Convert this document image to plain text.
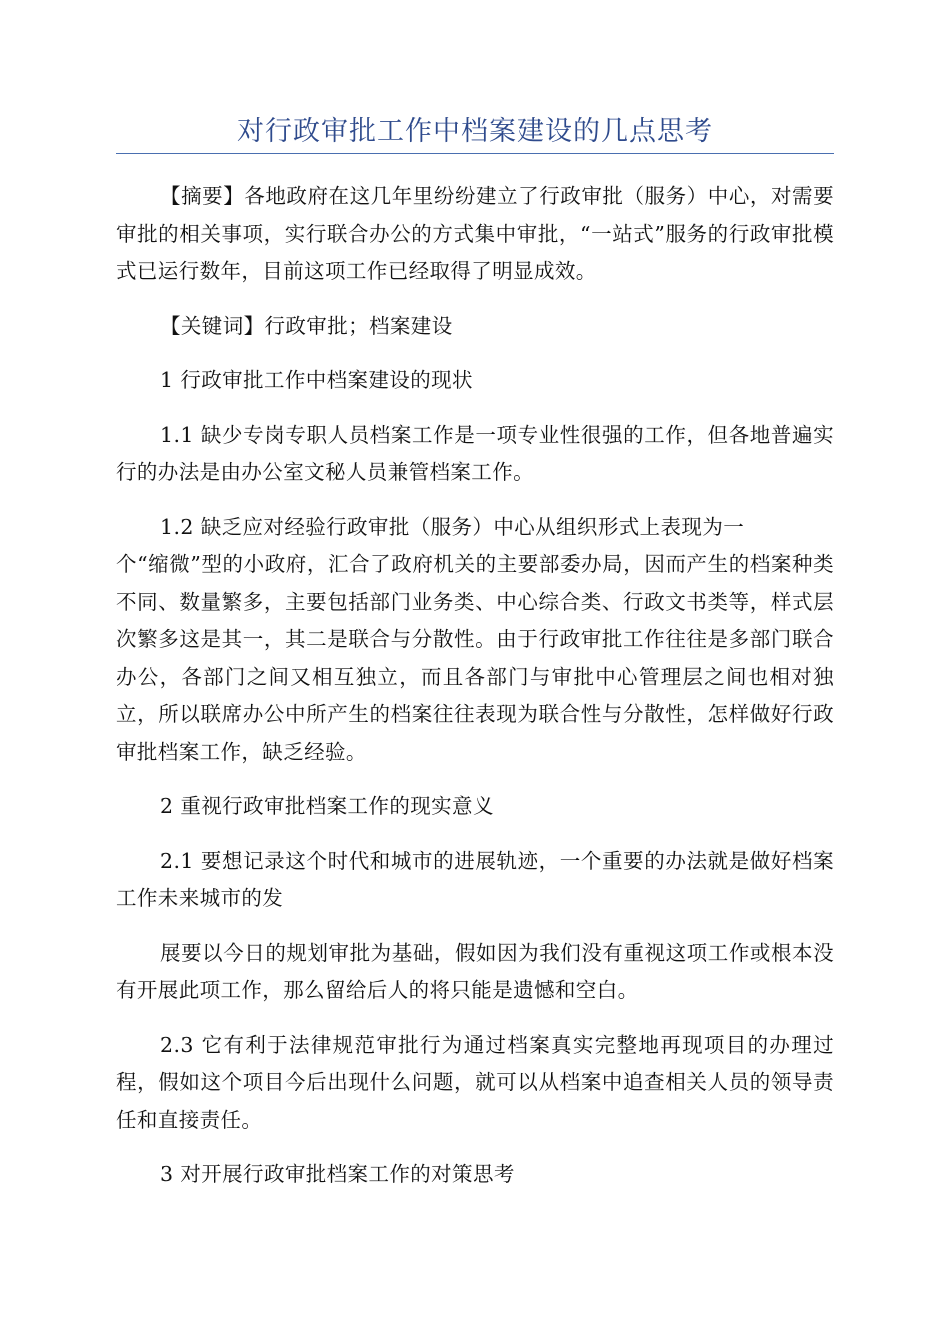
对行政审批工作中档案建设的几点思考

【摘要】各地政府在这几年里纷纷建立了行政审批（服务）中心，对需要审批的相关事项，实行联合办公的方式集中审批，“一站式”服务的行政审批模式已运行数年，目前这项工作已经取得了明显成效。

【关键词】行政审批；档案建设

1 行政审批工作中档案建设的现状

1.1 缺少专岗专职人员档案工作是一项专业性很强的工作，但各地普遍实行的办法是由办公室文秘人员兼管档案工作。

1.2 缺乏应对经验行政审批（服务）中心从组织形式上表现为一
个“缩微”型的小政府，汇合了政府机关的主要部委办局，因而产生的档案种类不同、数量繁多，主要包括部门业务类、中心综合类、行政文书类等，样式层次繁多这是其一，其二是联合与分散性。由于行政审批工作往往是多部门联合办公，各部门之间又相互独立，而且各部门与审批中心管理层之间也相对独立，所以联席办公中所产生的档案往往表现为联合性与分散性，怎样做好行政审批档案工作，缺乏经验。

2 重视行政审批档案工作的现实意义

2.1 要想记录这个时代和城市的进展轨迹，一个重要的办法就是做好档案工作未来城市的发

展要以今日的规划审批为基础，假如因为我们没有重视这项工作或根本没有开展此项工作，那么留给后人的将只能是遗憾和空白。

2.3 它有利于法律规范审批行为通过档案真实完整地再现项目的办理过程，假如这个项目今后出现什么问题，就可以从档案中追查相关人员的领导责任和直接责任。

3 对开展行政审批档案工作的对策思考
